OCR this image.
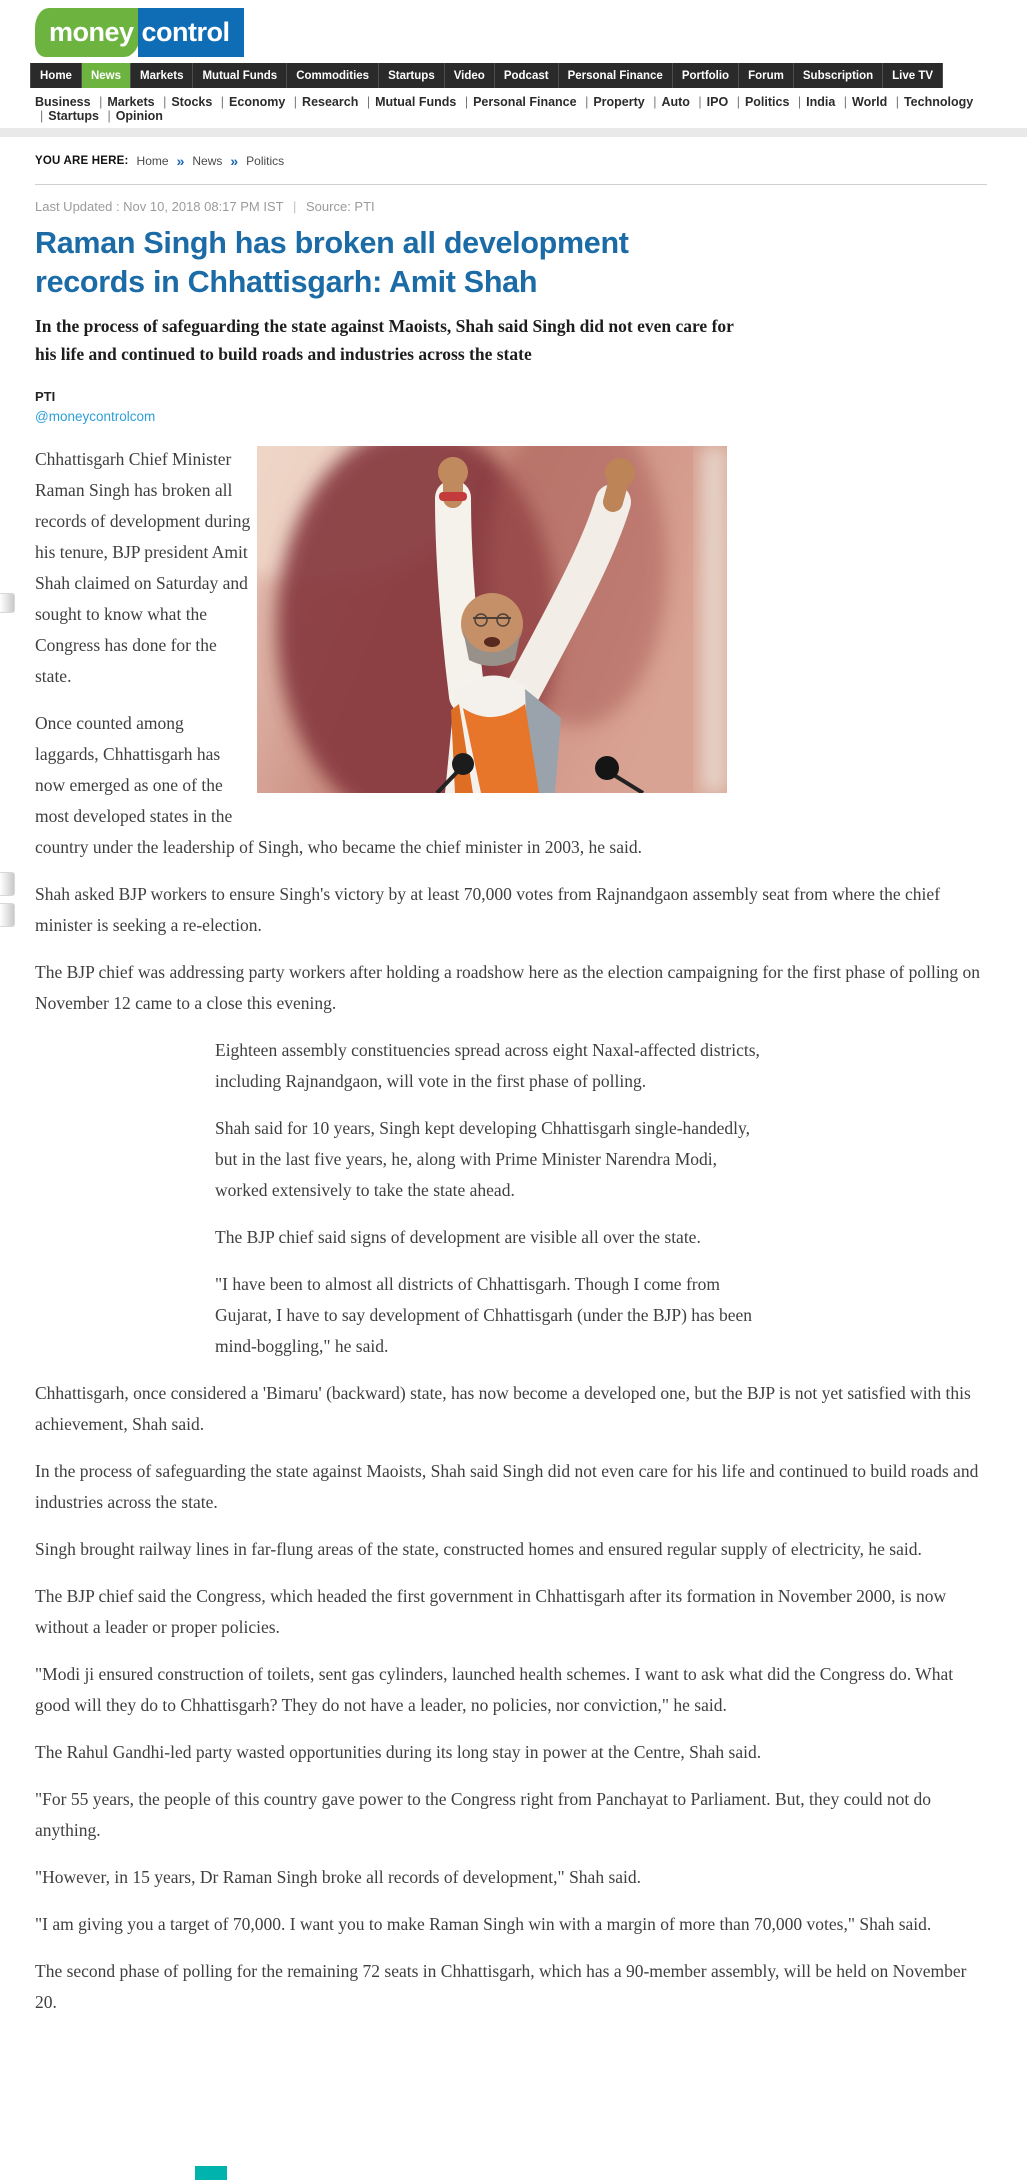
money control

Home	News	Markets	Mutual Funds	Commodities	Startups	Video	Podcast	Personal Finance	Portfolio	Forum	Subscription	Live TV
Business | Markets | Stocks | Economy | Research | Mutual Funds | Personal Finance | Property | Auto | IPO | Politics | India | World | Technology | Startups | Opinion
YOU ARE HERE: Home » News » Politics
Last Updated : Nov 10, 2018 08:17 PM IST | Source: PTI
Raman Singh has broken all development records in Chhattisgarh: Amit Shah
In the process of safeguarding the state against Maoists, Shah said Singh did not even care for his life and continued to build roads and industries across the state
PTI
@moneycontrolcom

Chhattisgarh Chief Minister Raman Singh has broken all records of development during his tenure, BJP president Amit Shah claimed on Saturday and sought to know what the Congress has done for the state.

Once counted among laggards, Chhattisgarh has now emerged as one of the most developed states in the country under the leadership of Singh, who became the chief minister in 2003, he said.

Shah asked BJP workers to ensure Singh's victory by at least 70,000 votes from Rajnandgaon assembly seat from where the chief minister is seeking a re-election.

The BJP chief was addressing party workers after holding a roadshow here as the election campaigning for the first phase of polling on November 12 came to a close this evening.

Eighteen assembly constituencies spread across eight Naxal-affected districts, including Rajnandgaon, will vote in the first phase of polling.

Shah said for 10 years, Singh kept developing Chhattisgarh single-handedly, but in the last five years, he, along with Prime Minister Narendra Modi, worked extensively to take the state ahead.

The BJP chief said signs of development are visible all over the state.

"I have been to almost all districts of Chhattisgarh. Though I come from Gujarat, I have to say development of Chhattisgarh (under the BJP) has been mind-boggling," he said.

Chhattisgarh, once considered a 'Bimaru' (backward) state, has now become a developed one, but the BJP is not yet satisfied with this achievement, Shah said.

In the process of safeguarding the state against Maoists, Shah said Singh did not even care for his life and continued to build roads and industries across the state.

Singh brought railway lines in far-flung areas of the state, constructed homes and ensured regular supply of electricity, he said.

The BJP chief said the Congress, which headed the first government in Chhattisgarh after its formation in November 2000, is now without a leader or proper policies.

"Modi ji ensured construction of toilets, sent gas cylinders, launched health schemes. I want to ask what did the Congress do. What good will they do to Chhattisgarh? They do not have a leader, no policies, nor conviction," he said.

The Rahul Gandhi-led party wasted opportunities during its long stay in power at the Centre, Shah said.

"For 55 years, the people of this country gave power to the Congress right from Panchayat to Parliament. But, they could not do anything.

"However, in 15 years, Dr Raman Singh broke all records of development," Shah said.

"I am giving you a target of 70,000. I want you to make Raman Singh win with a margin of more than 70,000 votes," Shah said.

The second phase of polling for the remaining 72 seats in Chhattisgarh, which has a 90-member assembly, will be held on November 20.
